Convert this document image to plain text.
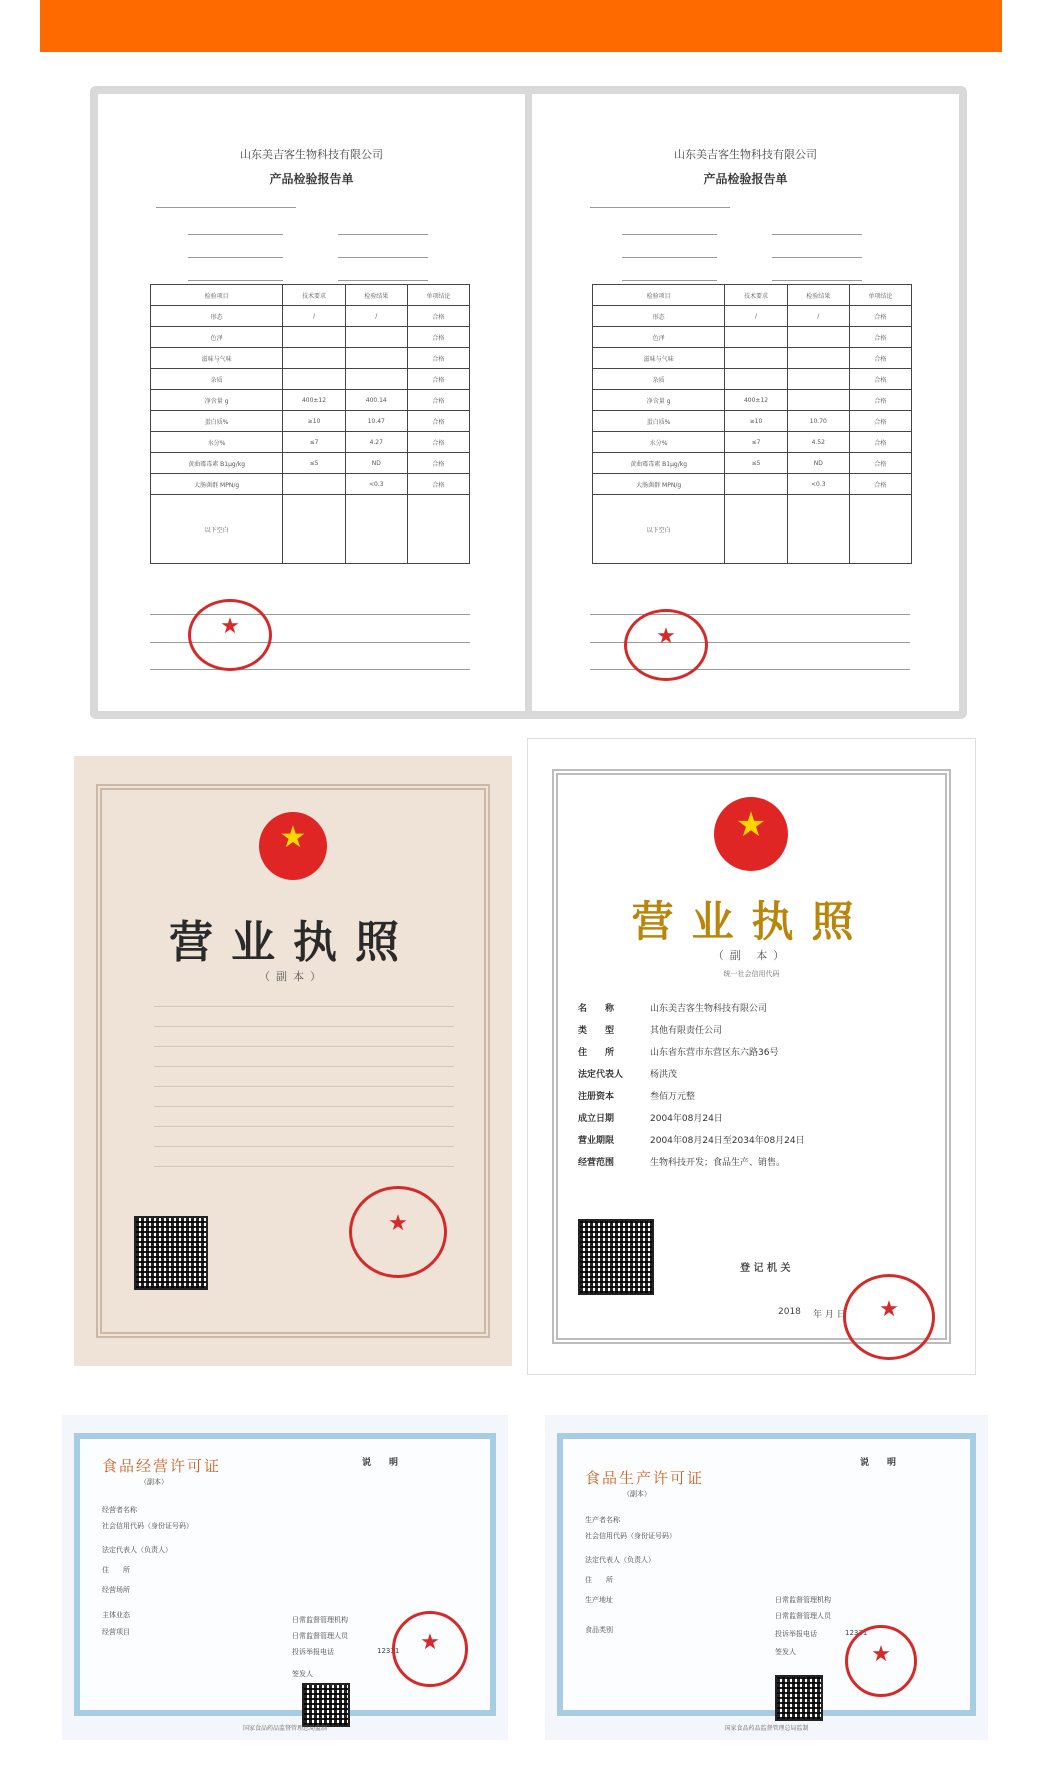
山东美吉客生物科技有限公司
产品检验报告单
检验项目	技术要求	检验结果	单项结论
形态	/	/	合格
色泽			合格
滋味与气味			合格
杂质			合格
净含量 g	400±12	400.14	合格
蛋白质%	≥10	10.47	合格
水分%	≤7	4.27	合格
黄曲霉毒素 B1μg/kg	≤5	ND	合格
大肠菌群 MPN/g		<0.3	合格
以下空白			
★
山东美吉客生物科技有限公司
产品检验报告单
检验项目	技术要求	检验结果	单项结论
形态	/	/	合格
色泽			合格
滋味与气味			合格
杂质			合格
净含量 g	400±12		合格
蛋白质%	≥10	10.70	合格
水分%	≤7	4.52	合格
黄曲霉毒素 B1μg/kg	≤5	ND	合格
大肠菌群 MPN/g		<0.3	合格
以下空白			
★
★
营业执照
（副本）
★
★
营业执照
（副 本）
统一社会信用代码
名　　称	山东美吉客生物科技有限公司
类　　型	其他有限责任公司
住　　所	山东省东营市东营区东六路36号
法定代表人	杨洪茂
注册资本	叁佰万元整
成立日期	2004年08月24日
营业期限	2004年08月24日至2034年08月24日
经营范围	生物科技开发；食品生产、销售。
登 记 机 关
2018 年 月 日	★
食品经营许可证
（副本）
说　　明
经营者名称
社会信用代码（身份证号码）
法定代表人（负责人）
住　　所
经营场所
主体业态
经营项目
日常监督管理机构
日常监督管理人员
投诉举报电话	12331
签发人
★
国家食品药品监督管理总局监制
食品生产许可证
（副本）
说　　明
生产者名称
社会信用代码（身份证号码）
法定代表人（负责人）
住　　所
生产地址
食品类别
日常监督管理机构
日常监督管理人员
投诉举报电话	12331
签发人	★
国家食品药品监督管理总局监制
